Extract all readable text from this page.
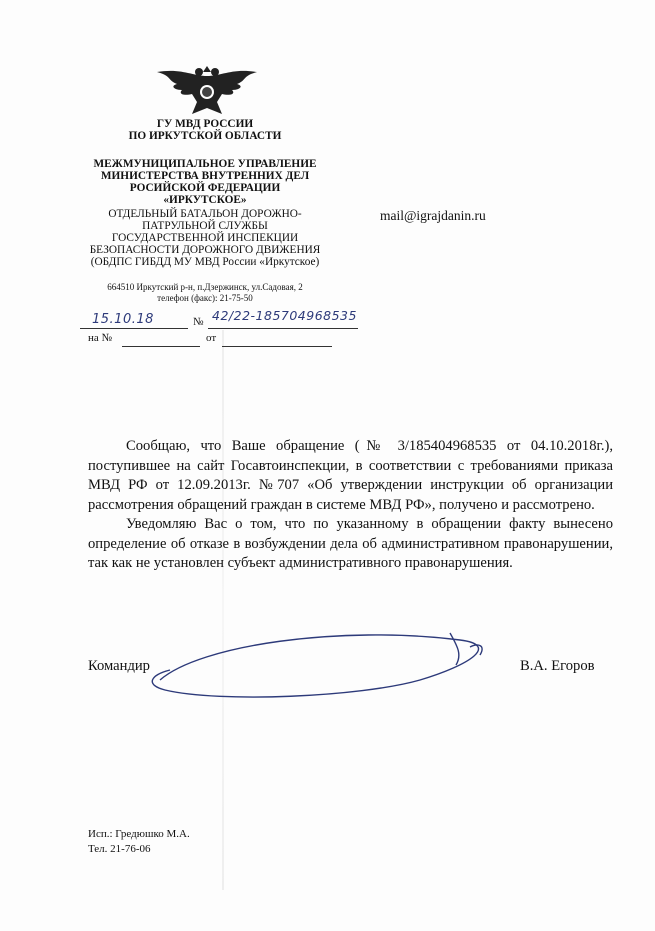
ГУ МВД РОССИИ
ПО ИРКУТСКОЙ ОБЛАСТИ
МЕЖМУНИЦИПАЛЬНОЕ УПРАВЛЕНИЕ
МИНИСТЕРСТВА ВНУТРЕННИХ ДЕЛ
РОСИЙСКОЙ ФЕДЕРАЦИИ
«ИРКУТСКОЕ»
ОТДЕЛЬНЫЙ БАТАЛЬОН ДОРОЖНО-
ПАТРУЛЬНОЙ СЛУЖБЫ
ГОСУДАРСТВЕННОЙ ИНСПЕКЦИИ
БЕЗОПАСНОСТИ ДОРОЖНОГО ДВИЖЕНИЯ
(ОБДПС ГИБДД МУ МВД России «Иркутское)
664510 Иркутский р-н, п.Дзержинск, ул.Садовая, 2
телефон (факс): 21-75-50
mail@igrajdanin.ru
15.10.18	№ 42/22-185704968535
на №	от

Сообщаю, что Ваше обращение (№ 3/185404968535 от 04.10.2018г.), поступившее на сайт Госавтоинспекции, в соответствии с требованиями приказа МВД РФ от 12.09.2013г. №707 «Об утверждении инструкции об организации рассмотрения обращений граждан в системе МВД РФ», получено и рассмотрено.

Уведомляю Вас о том, что по указанному в обращении факту вынесено определение об отказе в возбуждении дела об административном правонарушении, так как не установлен субъект административного правонарушения.

Командир	В.А. Егоров
Исп.: Гредюшко М.А.
Тел. 21-76-06
